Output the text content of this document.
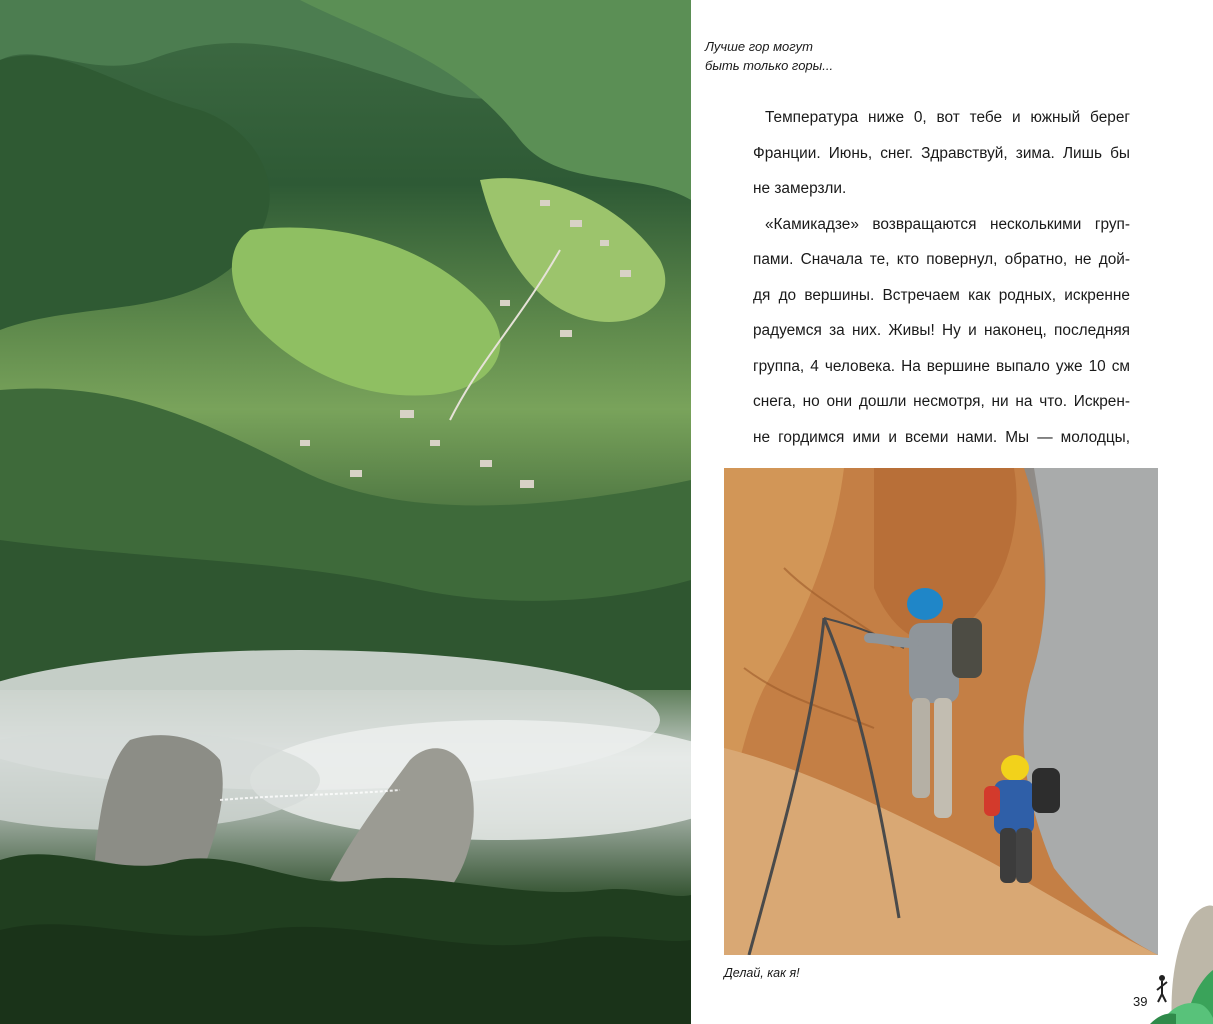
Лучше гор могут
быть только горы...
Температура ниже 0, вот тебе и южный берег
Франции. Июнь, снег. Здравствуй, зима. Лишь бы
не замерзли.
«Камикадзе» возвращаются несколькими груп-
пами. Сначала те, кто повернул, обратно, не дой-
дя до вершины. Встречаем как родных, искренне
радуемся за них. Живы! Ну и наконец, последняя
группа, 4 человека. На вершине выпало уже 10 см
снега, но они дошли несмотря, ни на что. Искрен-
не гордимся ими и всеми нами. Мы — молодцы,
Делай, как я!
39
